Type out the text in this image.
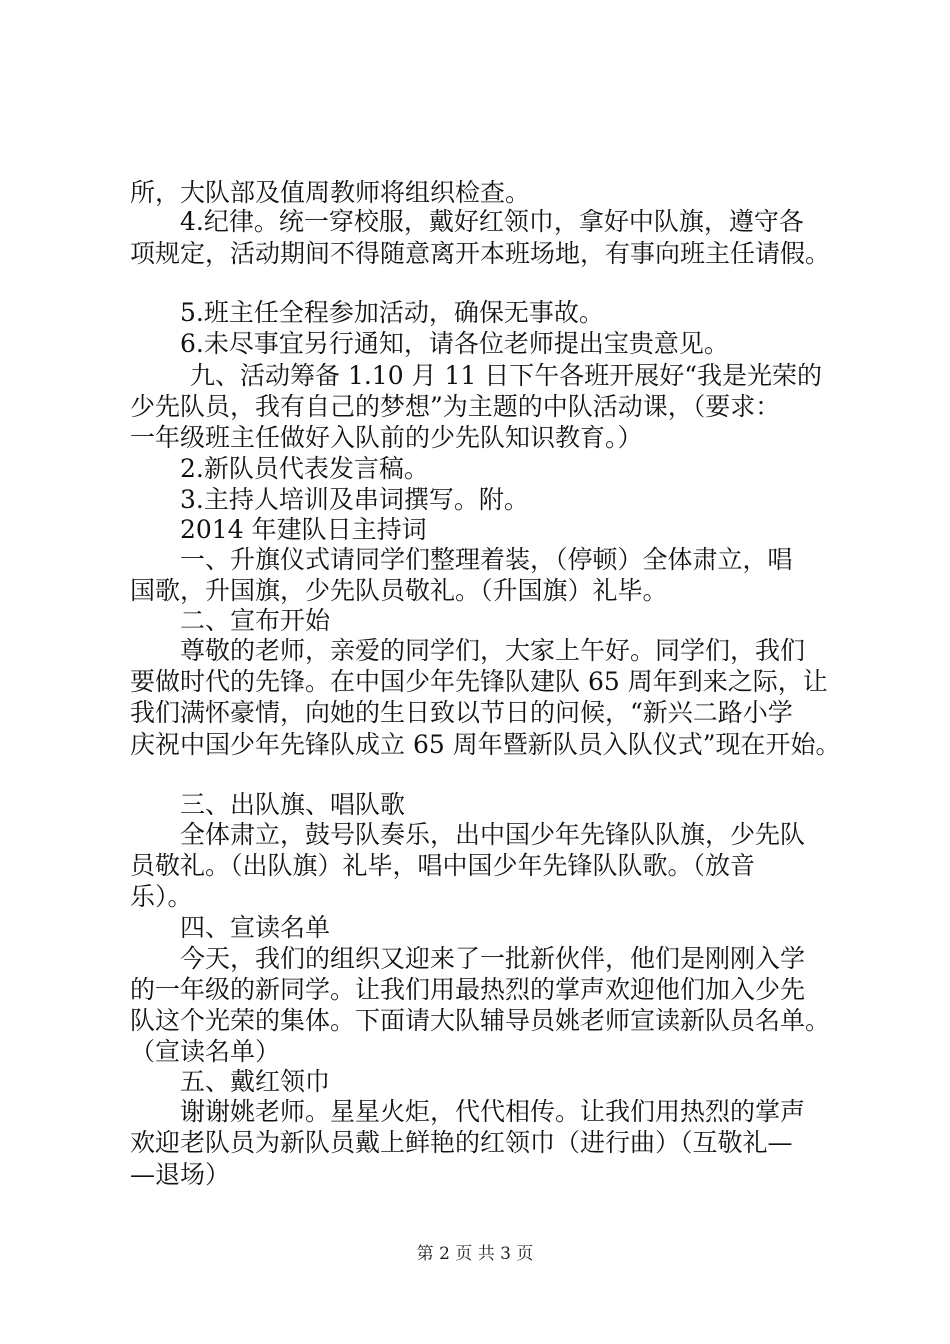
所，大队部及值周教师将组织检查。
4.纪律。统一穿校服，戴好红领巾，拿好中队旗，遵守各
项规定，活动期间不得随意离开本班场地，有事向班主任请假。
5.班主任全程参加活动，确保无事故。
6.未尽事宜另行通知，请各位老师提出宝贵意见。
九、活动筹备 1.10 月 11 日下午各班开展好“我是光荣的
少先队员，我有自己的梦想”为主题的中队活动课，（要求：
一年级班主任做好入队前的少先队知识教育。）
2.新队员代表发言稿。
3.主持人培训及串词撰写。附。
2014 年建队日主持词
一、升旗仪式请同学们整理着装，（停顿）全体肃立，唱
国歌，升国旗，少先队员敬礼。（升国旗）礼毕。
二、宣布开始
尊敬的老师，亲爱的同学们，大家上午好。同学们，我们
要做时代的先锋。在中国少年先锋队建队 65 周年到来之际，让
我们满怀豪情，向她的生日致以节日的问候，“新兴二路小学
庆祝中国少年先锋队成立 65 周年暨新队员入队仪式”现在开始。
三、出队旗、唱队歌
全体肃立，鼓号队奏乐，出中国少年先锋队队旗，少先队
员敬礼。（出队旗）礼毕，唱中国少年先锋队队歌。（放音
乐）。
四、宣读名单
今天，我们的组织又迎来了一批新伙伴，他们是刚刚入学
的一年级的新同学。让我们用最热烈的掌声欢迎他们加入少先
队这个光荣的集体。下面请大队辅导员姚老师宣读新队员名单。
（宣读名单）
五、戴红领巾
谢谢姚老师。星星火炬，代代相传。让我们用热烈的掌声
欢迎老队员为新队员戴上鲜艳的红领巾（进行曲）（互敬礼—
—退场）
第 2 页 共 3 页
